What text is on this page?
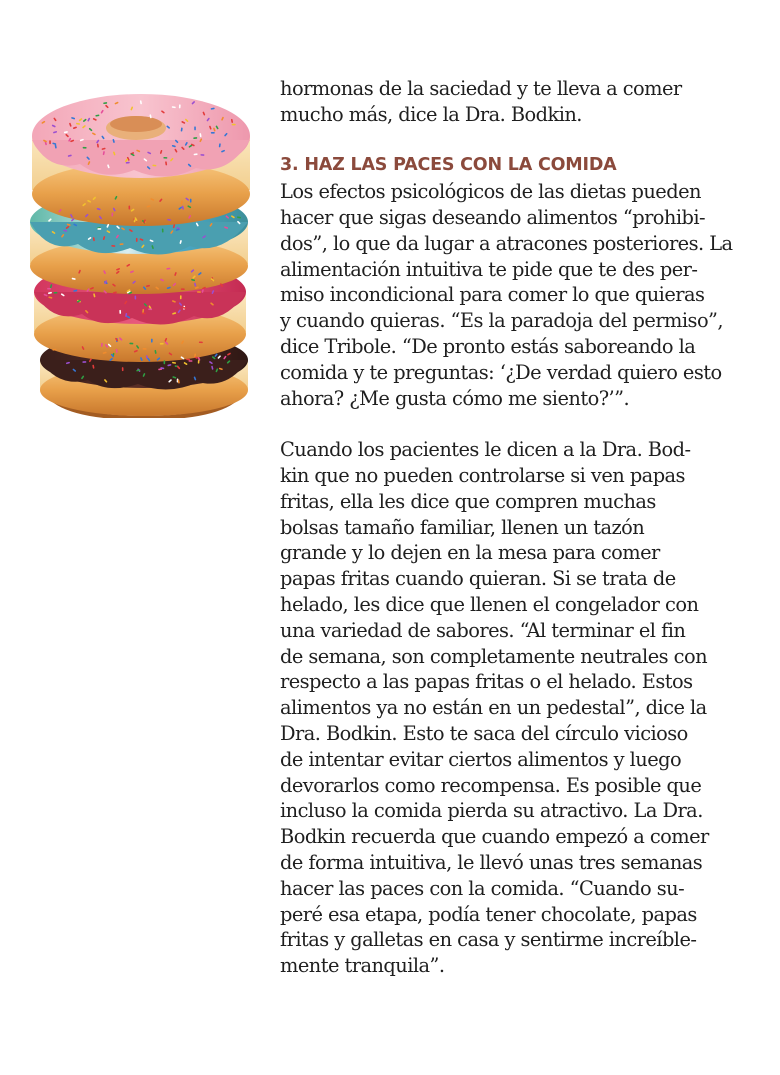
hormonas de la saciedad y te lleva a comer
mucho más, dice la Dra. Bodkin.

3. HAZ LAS PACES CON LA COMIDA

Los efectos psicológicos de las dietas pueden
hacer que sigas deseando alimentos “prohibi-
dos”, lo que da lugar a atracones posteriores. La
alimentación intuitiva te pide que te des per-
miso incondicional para comer lo que quieras
y cuando quieras. “Es la paradoja del permiso”,
dice Tribole. “De pronto estás saboreando la
comida y te preguntas: ‘¿De verdad quiero esto
ahora? ¿Me gusta cómo me siento?’”.

Cuando los pacientes le dicen a la Dra. Bod-
kin que no pueden controlarse si ven papas
fritas, ella les dice que compren muchas
bolsas tamaño familiar, llenen un tazón
grande y lo dejen en la mesa para comer
papas fritas cuando quieran. Si se trata de
helado, les dice que llenen el congelador con
una variedad de sabores. “Al terminar el fin
de semana, son completamente neutrales con
respecto a las papas fritas o el helado. Estos
alimentos ya no están en un pedestal”, dice la
Dra. Bodkin. Esto te saca del círculo vicioso
de intentar evitar ciertos alimentos y luego
devorarlos como recompensa. Es posible que
incluso la comida pierda su atractivo. La Dra.
Bodkin recuerda que cuando empezó a comer
de forma intuitiva, le llevó unas tres semanas
hacer las paces con la comida. “Cuando su-
peré esa etapa, podía tener chocolate, papas
fritas y galletas en casa y sentirme increíble-
mente tranquila”.
